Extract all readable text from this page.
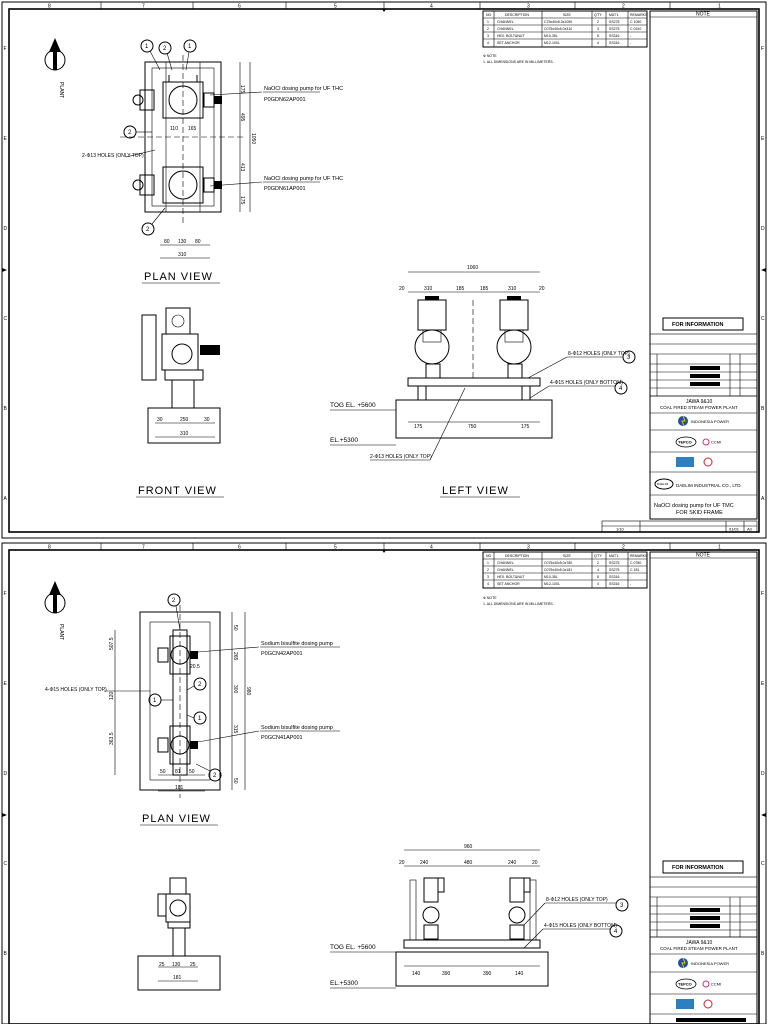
8	7	6	5	4	3	2	1
F
E
D
C
B
A
F
E
D
C
B
A
PLANT
1 2	1
2
2
NaOCl dosing pump for UF THC
P0GDN62AP001
NaOCl dosing pump for UF THC
P0GDN61AP001
2-Φ13 HOLES (ONLY TOP)
175
495
1050
413
175
110 165
80 130 80
310
PLAN VIEW
30	250	30
310
FRONT VIEW
1060
20	310	185	185	310	20
175	750	175
3
8-Φ12 HOLES (ONLY TOP)
4
4-Φ15 HOLES (ONLY BOTTOM)
2-Φ13 HOLES (ONLY TOP)
TOG EL. +5600
EL.+5300
LEFT VIEW
NO	DESCRIPTION	SIZE	Q'TY MAT'L	REMARKS
1 CHANNEL	C75x40x5.0x1050	2	SS275	C 1050
2 CHANNEL	C075x40x5.0x310	3	SS275	C 0310
3 HEX. BOLT&NUT	M10-35L	8	SS316	-
4 SET ANCHOR	M12-100L	4	SS316	-
※ NOTE
1. ALL DIMENSIONS ARE IN MILLIMETERS.
NOTE
FOR INFORMATION
JAWA 9&10
COAL FIRED STEAM POWER PLANT
INDONESIA POWER
TEPCO	CCMI
DAELIM DAELIM INDUSTRIAL CO., LTD.
NaOCl dosing pump for UF TMC
FOR SKID FRAME
1/10	01/01 A0
8	7	6	5	4	3	2	1
F
E
D
C
B
F
E
D
C
B
PLANT
2
2
1
1
2
Sodium bisulfite dosing pump
P0GCN42AP001
Sodium bisulfite dosing pump
P0GCN41AP001
4-Φ15 HOLES (ONLY TOP)
507.5
120
363.5
50
265
20.5
300 980
315
50
50 81 50
181
PLAN VIEW
25 130 25
181
960
20	240	480	240	20
140	390	390	140
3
8-Φ12 HOLES (ONLY TOP)
4
4-Φ15 HOLES (ONLY BOTTOM)
TOG EL. +5600
EL.+5300
NO	DESCRIPTION	SIZE	Q'TY MAT'L	REMARKS
1 CHANNEL	C075x40x5.0x780	2	SS275	C 0780
2 CHANNEL	C075x40x5.0x181	4	SS275	C 181
3 HEX. BOLT&NUT	M10-35L	8	SS316	-
4 SET ANCHOR	M12-100L	4	SS316	-
※ NOTE
1. ALL DIMENSIONS ARE IN MILLIMETERS.
NOTE
FOR INFORMATION
JAWA 9&10
COAL FIRED STEAM POWER PLANT
INDONESIA POWER
TEPCO	CCMI
